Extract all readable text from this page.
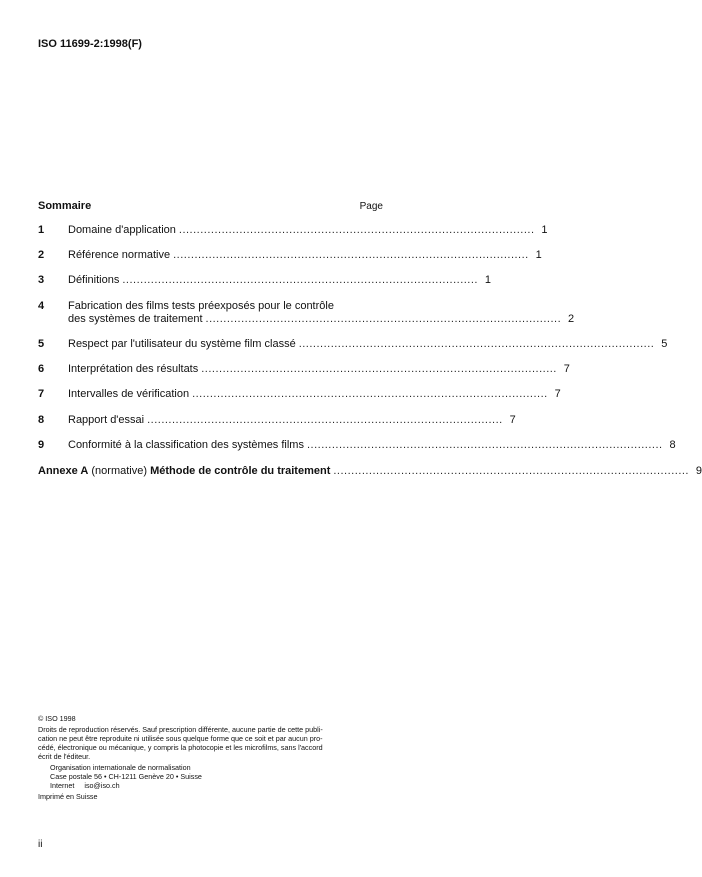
ISO 11699-2:1998(F)
Sommaire	Page
1	Domaine d'application .................................................................................................... 1
2	Référence normative .................................................................................................... 1
3	Définitions .................................................................................................... 1
4	Fabrication des films tests préexposés pour le contrôle
des systèmes de traitement .................................................................................................... 2
5	Respect par l'utilisateur du système film classé .................................................................................................... 5
6	Interprétation des résultats .................................................................................................... 7
7	Intervalles de vérification .................................................................................................... 7
8	Rapport d'essai .................................................................................................... 7
9	Conformité à la classification des systèmes films .................................................................................................... 8
Annexe A (normative) Méthode de contrôle du traitement .................................................................................................... 9
© ISO 1998
Droits de reproduction réservés. Sauf prescription différente, aucune partie de cette publi-
cation ne peut être reproduite ni utilisée sous quelque forme que ce soit et par aucun pro-
cédé, électronique ou mécanique, y compris la photocopie et les microfilms, sans l'accord
écrit de l'éditeur.
Organisation internationale de normalisation
Case postale 56 • CH-1211 Genève 20 • Suisse
Internet     iso@iso.ch
Imprimé en Suisse
ii
